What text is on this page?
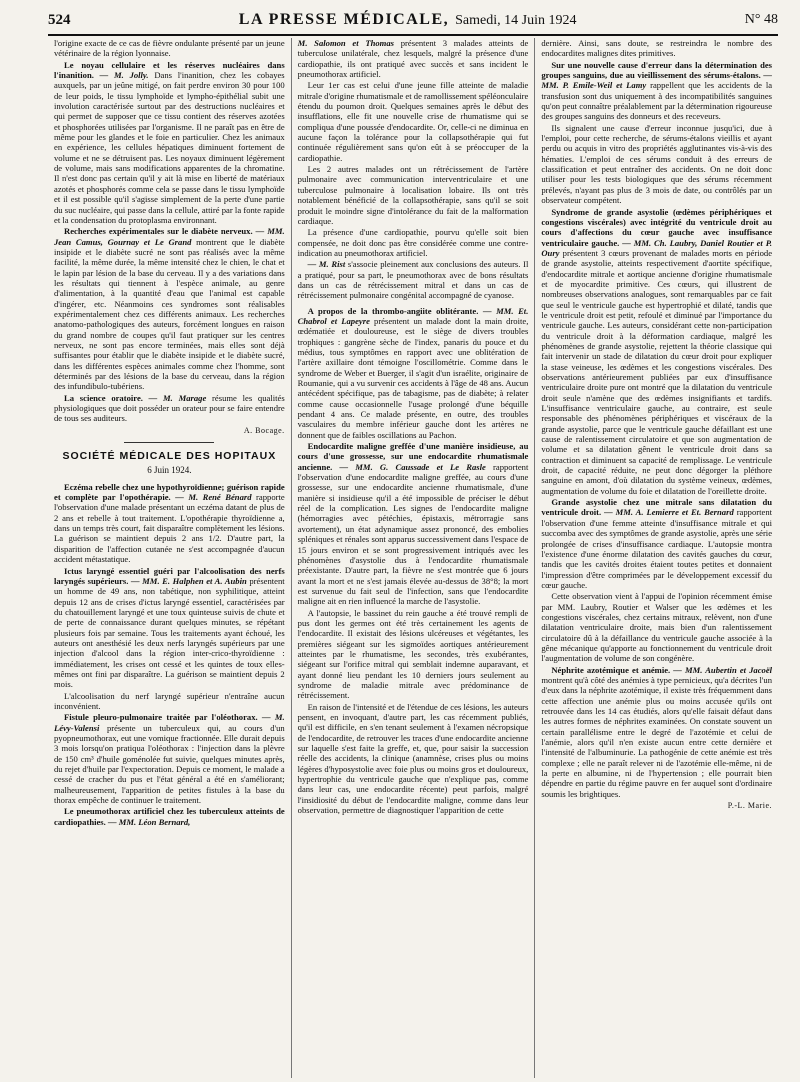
524	LA PRESSE MÉDICALE, Samedi, 14 Juin 1924	N° 48

l'origine exacte de ce cas de fièvre ondulante présenté par un jeune vétérinaire de la région lyonnaise.

Le noyau cellulaire et les réserves nucléaires dans l'inanition. — M. Jolly. Dans l'inanition, chez les cobayes auxquels, par un jeûne mitigé, on fait perdre environ 30 pour 100 de leur poids, le tissu lymphoïde et lympho-épithélial subit une involution caractérisée surtout par des destructions nucléaires et qui permet de supposer que ce tissu contient des réserves azotées et phosphorées utilisées par l'organisme. Il ne paraît pas en être de même pour les glandes et le foie en particulier. Chez les animaux en expérience, les cellules hépatiques diminuent fortement de volume et ne se détruisent pas. Les noyaux diminuent légèrement de volume, mais sans modifications apparentes de la chromatine. Il n'est donc pas certain qu'il y ait là mise en liberté de matériaux azotés et phosphorés comme cela se passe dans le tissu lymphoïde et il est possible qu'il s'agisse simplement de la perte d'une partie du suc nucléaire, qui passe dans la cellule, attiré par la fonte rapide et la condensation du protoplasma environnant.

Recherches expérimentales sur le diabète nerveux. — MM. Jean Camus, Gournay et Le Grand montrent que le diabète insipide et le diabète sucré ne sont pas réalisés avec la même facilité, la même durée, la même intensité chez le chien, le chat et le lapin par lésion de la base du cerveau. Il y a des variations dans les résultats qui tiennent à l'espèce animale, au genre d'alimentation, à la quantité d'eau que l'animal est capable d'ingérer, etc. Néanmoins ces syndromes sont réalisables expérimentalement chez ces différents animaux. Les recherches anatomo-pathologiques des auteurs, forcément longues en raison du grand nombre de coupes qu'il faut pratiquer sur les centres nerveux, ne sont pas encore terminées, mais elles sont déjà suffisantes pour établir que le diabète insipide et le diabète sucré, dans les différentes espèces animales comme chez l'homme, sont déterminés par des lésions de la base du cerveau, dans la région des infundibulo-tubériens.

La science oratoire. — M. Marage résume les qualités physiologiques que doit posséder un orateur pour se faire entendre de tous ses auditeurs.

A. Bocage.

SOCIÉTÉ MÉDICALE DES HOPITAUX

6 Juin 1924.

Eczéma rebelle chez une hypothyroïdienne; guérison rapide et complète par l'opothérapie. — M. René Bénard rapporte l'observation d'une malade présentant un eczéma datant de plus de 2 ans et rebelle à tout traitement. L'opothérapie thyroïdienne a, dans un temps très court, fait disparaître complètement les lésions. La guérison se maintient depuis 2 ans 1/2. D'autre part, la disparition de l'affection cutanée ne s'est accompagnée d'aucun accident métastatique.

Ictus laryngé essentiel guéri par l'alcoolisation des nerfs laryngés supérieurs. — MM. E. Halphen et A. Aubin présentent un homme de 49 ans, non tabétique, non syphilitique, atteint depuis 12 ans de crises d'ictus laryngé essentiel, caractérisées par du chatouillement laryngé et une toux quinteuse suivis de chute et de perte de connaissance durant quelques minutes, se répétant plusieurs fois par semaine. Tous les traitements ayant échoué, les auteurs ont anesthésié les deux nerfs laryngés supérieurs par une injection d'alcool dans la région inter-crico-thyroïdienne : immédiatement, les crises ont cessé et les quintes de toux elles-mêmes ont fini par disparaître. La guérison se maintient depuis 2 mois.

L'alcoolisation du nerf laryngé supérieur n'entraîne aucun inconvénient.

Fistule pleuro-pulmonaire traitée par l'oléothorax. — M. Lévy-Valensi présente un tuberculeux qui, au cours d'un pyopneumothorax, eut une vomique fractionnée. Elle durait depuis 3 mois lorsqu'on pratiqua l'oléothorax : l'injection dans la plèvre de 150 cm³ d'huile goménolée fut suivie, quelques minutes après, du rejet d'huile par l'expectoration. Depuis ce moment, le malade a cessé de cracher du pus et l'état général a été en s'améliorant; malheureusement, l'apparition de petites fistules à la base du thorax empêche de continuer le traitement.

Le pneumothorax artificiel chez les tuberculeux atteints de cardiopathies. — MM. Léon Bernard,

M. Salomon et Thomas présentent 3 malades atteints de tuberculose unilatérale, chez lesquels, malgré la présence d'une cardiopathie, ils ont pratiqué avec succès et sans incident le pneumothorax artificiel.

Leur 1er cas est celui d'une jeune fille atteinte de maladie mitrale d'origine rhumatismale et de ramollissement spéléonculaire étendu du poumon droit. Quelques semaines après le début des insufflations, elle fit une nouvelle crise de rhumatisme qui se compliqua d'une poussée d'endocardite. Or, celle-ci ne diminua en aucune façon la tolérance pour la collapsothérapie qui fut continuée régulièrement sans qu'on eût à se préoccuper de la cardiopathie.

Les 2 autres malades ont un rétrécissement de l'artère pulmonaire avec communication interventriculaire et une tuberculose pulmonaire à localisation lobaire. Ils ont très notablement bénéficié de la collapsothérapie, sans qu'il se soit produit le moindre signe d'intolérance du fait de la malformation cardiaque.

La présence d'une cardiopathie, pourvu qu'elle soit bien compensée, ne doit donc pas être considérée comme une contre-indication au pneumothorax artificiel.

— M. Rist s'associe pleinement aux conclusions des auteurs. Il a pratiqué, pour sa part, le pneumothorax avec de bons résultats dans un cas de rétrécissement mitral et dans un cas de rétrécissement pulmonaire congénital accompagné de cyanose.

A propos de la thrombo-angiite oblitérante. — MM. Et. Chabrol et Lapeyre présentent un malade dont la main droite, œdématiée et douloureuse, est le siège de divers troubles trophiques : gangrène sèche de l'index, panaris du pouce et du médius, tous symptômes en rapport avec une oblitération de l'artère axillaire dont témoigne l'oscillométrie. Comme dans le syndrome de Weber et Buerger, il s'agit d'un israélite, originaire de Roumanie, qui a vu survenir ces accidents à l'âge de 48 ans. Aucun antécédent spécifique, pas de tabagisme, pas de diabète; à relater comme cause occasionnelle l'usage prolongé d'une béquille pendant 4 ans. Ce malade présente, en outre, des troubles vasculaires du membre inférieur gauche dont les artères ne donnent que de faibles oscillations au Pachon.

Endocardite maligne greffée d'une manière insidieuse, au cours d'une grossesse, sur une endocardite rhumatismale ancienne. — MM. G. Caussade et Le Rasle rapportent l'observation d'une endocardite maligne greffée, au cours d'une grossesse, sur une endocardite ancienne rhumatismale, d'une manière si insidieuse qu'il a été impossible de préciser le début réel de la complication. Les signes de l'endocardite maligne (hémorragies avec pétéchies, épistaxis, métrorragie sans avortement), un état adynamique assez prononcé, des embolies spléniques et rénales sont apparus successivement dans l'espace de 15 jours environ et se sont progressivement intriqués avec les phénomènes d'asystolie dus à l'endocardite rhumatismale préexistante. D'autre part, la fièvre ne s'est montrée que 6 jours avant la mort et ne s'est jamais élevée au-dessus de 38°8; la mort est survenue du fait seul de l'infection, sans que l'endocardite maligne ait en rien influencé la marche de l'asystolie.

A l'autopsie, le bassinet du rein gauche a été trouvé rempli de pus dont les germes ont été très certainement les agents de l'endocardite. Il existait des lésions ulcéreuses et végétantes, les premières siégeant sur les sigmoïdes aortiques antérieurement atteintes par le rhumatisme, les secondes, très exubérantes, siégeant sur l'orifice mitral qui semblait indemne auparavant, et ayant donné lieu pendant les 10 derniers jours seulement au syndrome de maladie mitrale avec prédominance de rétrécissement.

En raison de l'intensité et de l'étendue de ces lésions, les auteurs pensent, en invoquant, d'autre part, les cas récemment publiés, qu'il est difficile, en s'en tenant seulement à l'examen nécropsique de l'endocardite, de retrouver les traces d'une endocardite ancienne sur laquelle s'est faite la greffe, et, que, pour saisir la succession réelle des accidents, la clinique (anamnèse, crises plus ou moins légères d'hyposystolie avec foie plus ou moins gros et douloureux, hypertrophie du ventricule gauche que n'explique pas, comme dans leur cas, une endocardite récente) peut parfois, malgré l'insidiosité du début de l'endocardite maligne, comme dans leur observation, permettre de diagnostiquer l'apparition de cette

dernière. Ainsi, sans doute, se restreindra le nombre des endocardites malignes dites primitives.

Sur une nouvelle cause d'erreur dans la détermination des groupes sanguins, due au vieillissement des sérums-étalons. — MM. P. Emile-Weil et Lamy rappellent que les accidents de la transfusion sont dus uniquement à des incompatibilités sanguines qu'on peut connaître préalablement par la détermination rigoureuse des groupes sanguins des donneurs et des receveurs.

Ils signalent une cause d'erreur inconnue jusqu'ici, due à l'emploi, pour cette recherche, de sérums-étalons vieillis et ayant perdu ou acquis in vitro des propriétés agglutinantes vis-à-vis des hématies. L'emploi de ces sérums conduit à des erreurs de classification et peut entraîner des accidents. On ne doit donc utiliser pour les tests biologiques que des sérums récemment prélevés, n'ayant pas plus de 3 mois de date, ou contrôlés par un observateur compétent.

Syndrome de grande asystolie (œdèmes périphériques et congestions viscérales) avec intégrité du ventricule droit au cours d'affections du cœur gauche avec insuffisance ventriculaire gauche. — MM. Ch. Laubry, Daniel Routier et P. Oury présentent 3 cœurs provenant de malades morts en période de grande asystolie, atteints respectivement d'aortite spécifique, d'endocardite mitrale et aortique ancienne d'origine rhumatismale et de myocardite primitive. Ces cœurs, qui illustrent de nombreuses observations analogues, sont remarquables par ce fait que seul le ventricule gauche est hypertrophié et dilaté, tandis que le ventricule droit est petit, refoulé et diminué par l'importance du ventricule gauche. Les auteurs, considérant cette non-participation du ventricule droit à la déformation cardiaque, malgré les phénomènes de grande asystolie, rejettent la théorie classique qui fait intervenir un stade de dilatation du cœur droit pour expliquer la stase veineuse, les œdèmes et les congestions viscérales. Des observations antérieurement publiées par eux d'insuffisance ventriculaire droite pure ont montré que la dilatation du ventricule droit seule n'amène que des œdèmes insignifiants et tardifs. L'insuffisance ventriculaire gauche, au contraire, est seule responsable des phénomènes périphériques et viscéraux de la grande asystolie, parce que le ventricule gauche défaillant est une cause de ralentissement circulatoire et que son augmentation de volume et sa dilatation gênent le ventricule droit dans sa contraction et diminuent sa capacité de remplissage. Le ventricule droit, de capacité réduite, ne peut donc dégorger la pléthore sanguine en amont, d'où dilatation du système veineux, œdèmes, augmentation de volume du foie et dilatation de l'oreillette droite.

Grande asystolie chez une mitrale sans dilatation du ventricule droit. — MM. A. Lemierre et Et. Bernard rapportent l'observation d'une femme atteinte d'insuffisance mitrale et qui succomba avec des symptômes de grande asystolie, après une série prolongée de crises d'insuffisance cardiaque. L'autopsie montra l'existence d'une énorme dilatation des cavités gauches du cœur, tandis que les cavités droites étaient toutes petites et donnaient l'impression d'être comprimées par le développement excessif du cœur gauche.

Cette observation vient à l'appui de l'opinion récemment émise par MM. Laubry, Routier et Walser que les œdèmes et les congestions viscérales, chez certains mitraux, relèvent, non d'une dilatation ventriculaire droite, mais bien d'un ralentissement circulatoire dû à la défaillance du ventricule gauche associée à la gêne mécanique qu'apporte au fonctionnement du ventricule droit l'augmentation de volume de son congénère.

Néphrite azotémique et anémie. — MM. Aubertin et Jacoël montrent qu'à côté des anémies à type pernicieux, qu'a décrites l'un d'eux dans la néphrite azotémique, il existe très fréquemment dans cette affection une anémie plus ou moins accusée qu'ils ont retrouvée dans les 14 cas étudiés, alors qu'elle faisait défaut dans les autres formes de néphrites examinées. On constate souvent un certain parallélisme entre le degré de l'azotémie et celui de l'anémie, alors qu'il n'en existe aucun entre cette dernière et l'intensité de l'albuminurie. La pathogénie de cette anémie est très complexe ; elle ne paraît relever ni de l'azotémie elle-même, ni de la perte en albumine, ni de l'hypertension ; elle pourrait bien dépendre en partie du régime pauvre en fer auquel sont d'ordinaire soumis les brightiques.

P.-L. Marie.
